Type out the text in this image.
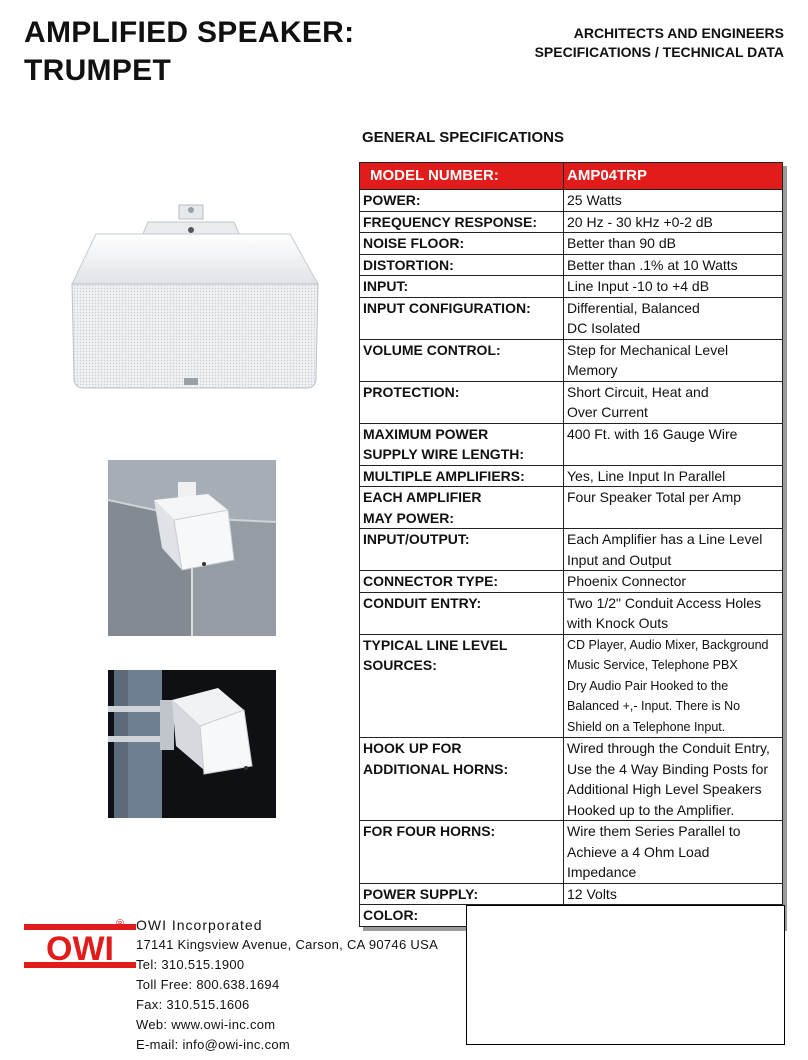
AMPLIFIED SPEAKER:
TRUMPET
ARCHITECTS AND ENGINEERS
SPECIFICATIONS / TECHNICAL DATA
GENERAL SPECIFICATIONS
MODEL NUMBER:	AMP04TRP

POWER:	25 Watts

FREQUENCY RESPONSE:	20 Hz - 30 kHz +0-2 dB

NOISE FLOOR:	Better than 90 dB

DISTORTION:	Better than .1% at 10 Watts

INPUT:	Line Input -10 to +4 dB

INPUT CONFIGURATION:	Differential, Balanced
DC Isolated

VOLUME CONTROL:	Step for Mechanical Level Memory

PROTECTION:	Short Circuit, Heat and
Over Current

MAXIMUM POWER
SUPPLY WIRE LENGTH:	400 Ft. with 16 Gauge Wire

MULTIPLE AMPLIFIERS:	Yes, Line Input In Parallel

EACH AMPLIFIER
MAY POWER:	Four Speaker Total per Amp

INPUT/OUTPUT:	Each Amplifier has a Line Level
Input and Output

CONNECTOR TYPE:	Phoenix Connector

CONDUIT ENTRY:	Two 1/2" Conduit Access Holes
with Knock Outs

TYPICAL LINE LEVEL
SOURCES:	CD Player, Audio Mixer, Background
Music Service, Telephone PBX
Dry Audio Pair Hooked to the
Balanced +,- Input. There is No
Shield on a Telephone Input.

HOOK UP FOR
ADDITIONAL HORNS:	Wired through the Conduit Entry,
Use the 4 Way Binding Posts for
Additional High Level Speakers
Hooked up to the Amplifier.

FOR FOUR HORNS:	Wire them Series Parallel to
Achieve a 4 Ohm Load Impedance

POWER SUPPLY:	12 Volts

COLOR:

OWI
® OWI Incorporated
17141 Kingsview Avenue, Carson, CA 90746 USA
Tel: 310.515.1900
Toll Free: 800.638.1694
Fax: 310.515.1606
Web: www.owi-inc.com
E-mail: info@owi-inc.com
